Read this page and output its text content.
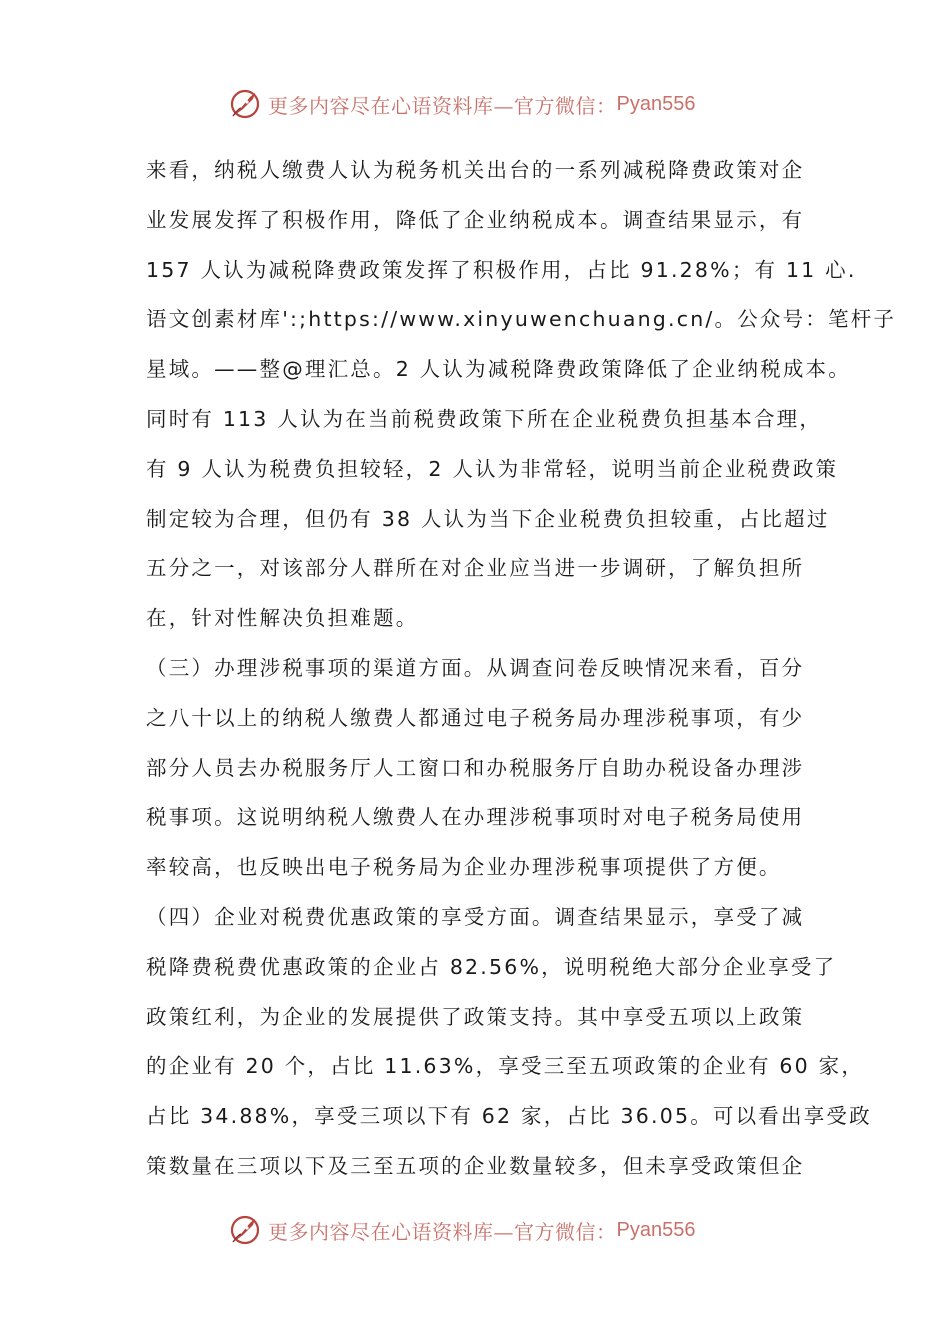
更多内容尽在心语资料库—官方微信： Pyan556
来看，纳税人缴费人认为税务机关出台的一系列减税降费政策对企
业发展发挥了积极作用，降低了企业纳税成本。调查结果显示，有
157 人认为减税降费政策发挥了积极作用，占比 91.28%；有 11 心.
语文创素材库':;https://www.xinyuwenchuang.cn/。公众号：笔杆子
星域。——整@理汇总。2 人认为减税降费政策降低了企业纳税成本。
同时有 113 人认为在当前税费政策下所在企业税费负担基本合理，
有 9 人认为税费负担较轻，2 人认为非常轻，说明当前企业税费政策
制定较为合理，但仍有 38 人认为当下企业税费负担较重，占比超过
五分之一，对该部分人群所在对企业应当进一步调研，了解负担所
在，针对性解决负担难题。
（三）办理涉税事项的渠道方面。从调查问卷反映情况来看，百分
之八十以上的纳税人缴费人都通过电子税务局办理涉税事项，有少
部分人员去办税服务厅人工窗口和办税服务厅自助办税设备办理涉
税事项。这说明纳税人缴费人在办理涉税事项时对电子税务局使用
率较高，也反映出电子税务局为企业办理涉税事项提供了方便。
（四）企业对税费优惠政策的享受方面。调查结果显示，享受了减
税降费税费优惠政策的企业占 82.56%，说明税绝大部分企业享受了
政策红利，为企业的发展提供了政策支持。其中享受五项以上政策
的企业有 20 个，占比 11.63%，享受三至五项政策的企业有 60 家，
占比 34.88%，享受三项以下有 62 家，占比 36.05。可以看出享受政
策数量在三项以下及三至五项的企业数量较多，但未享受政策但企
更多内容尽在心语资料库—官方微信： Pyan556
